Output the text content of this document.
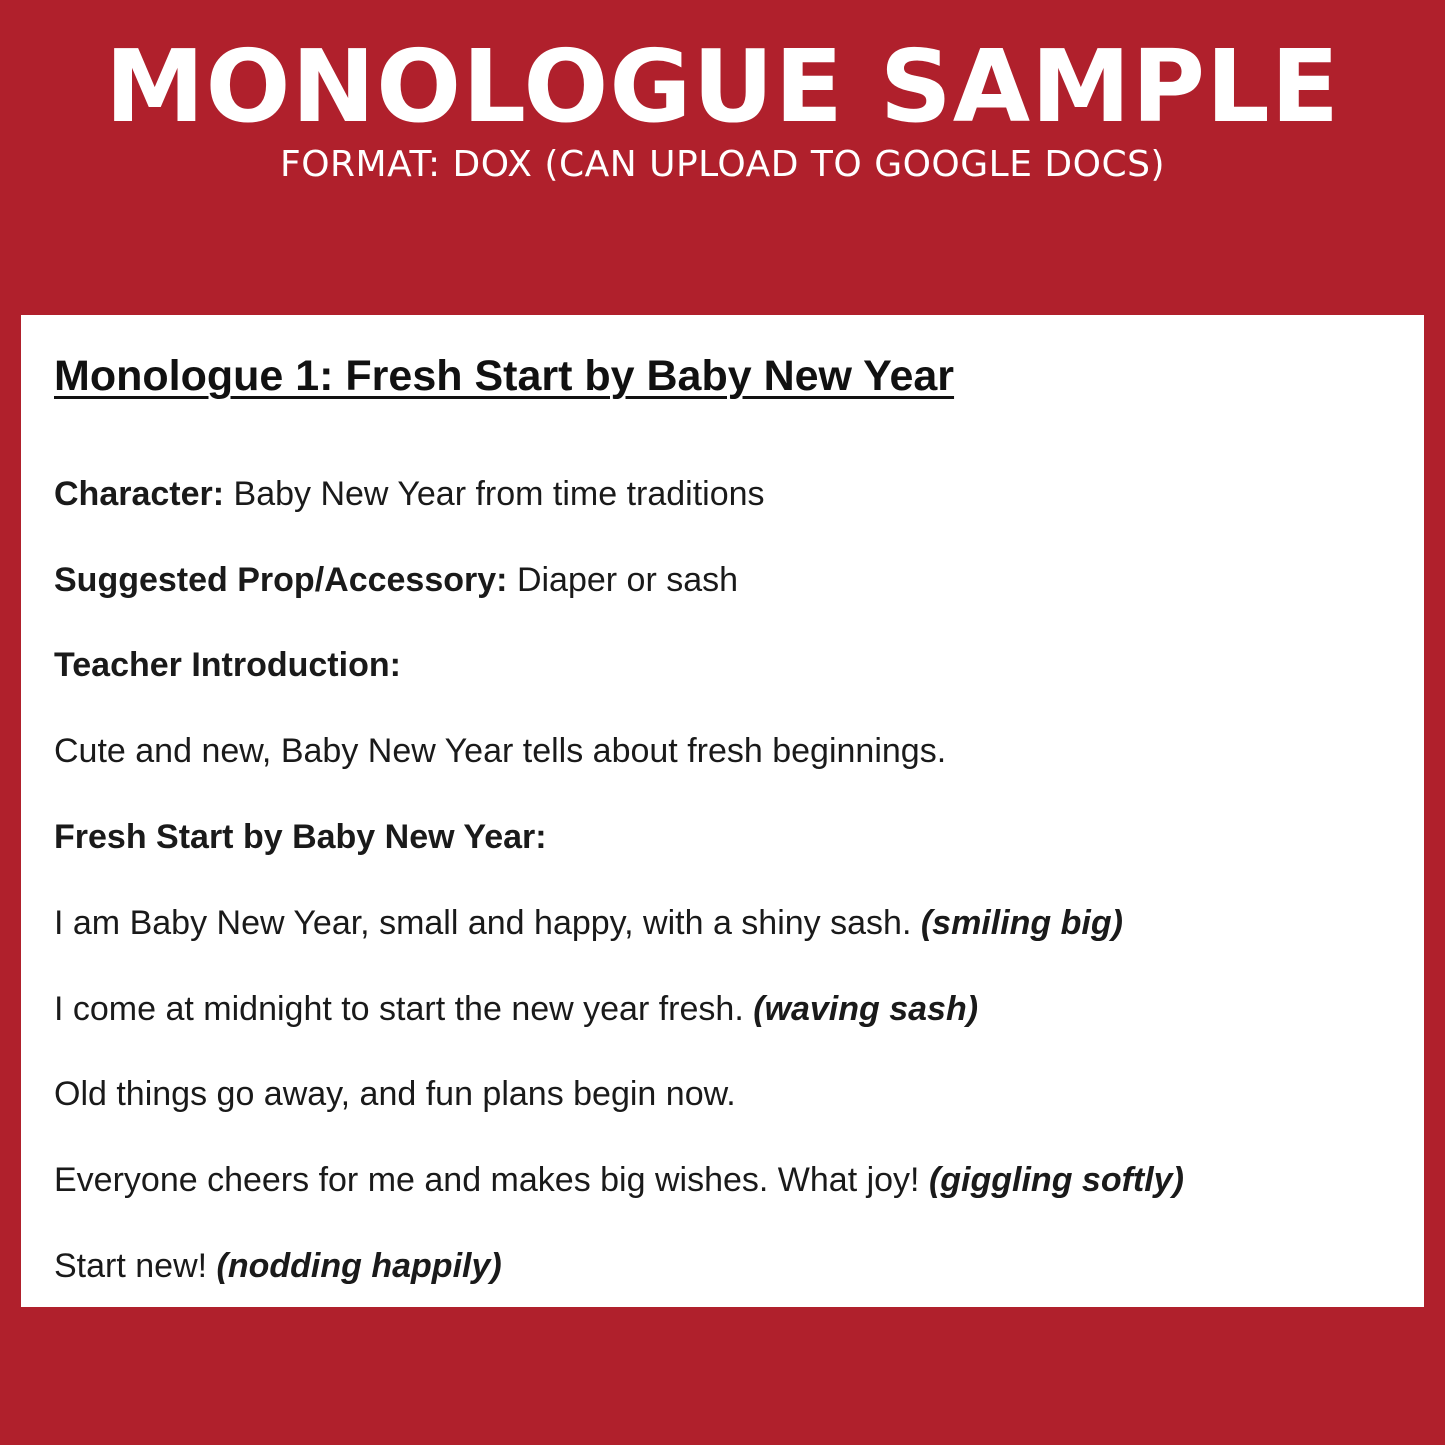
MONOLOGUE SAMPLE
FORMAT: DOX (CAN UPLOAD TO GOOGLE DOCS)
Monologue 1: Fresh Start by Baby New Year
Character: Baby New Year from time traditions
Suggested Prop/Accessory: Diaper or sash
Teacher Introduction:
Cute and new, Baby New Year tells about fresh beginnings.
Fresh Start by Baby New Year:
I am Baby New Year, small and happy, with a shiny sash. (smiling big)
I come at midnight to start the new year fresh. (waving sash)
Old things go away, and fun plans begin now.
Everyone cheers for me and makes big wishes. What joy! (giggling softly)
Start new! (nodding happily)
